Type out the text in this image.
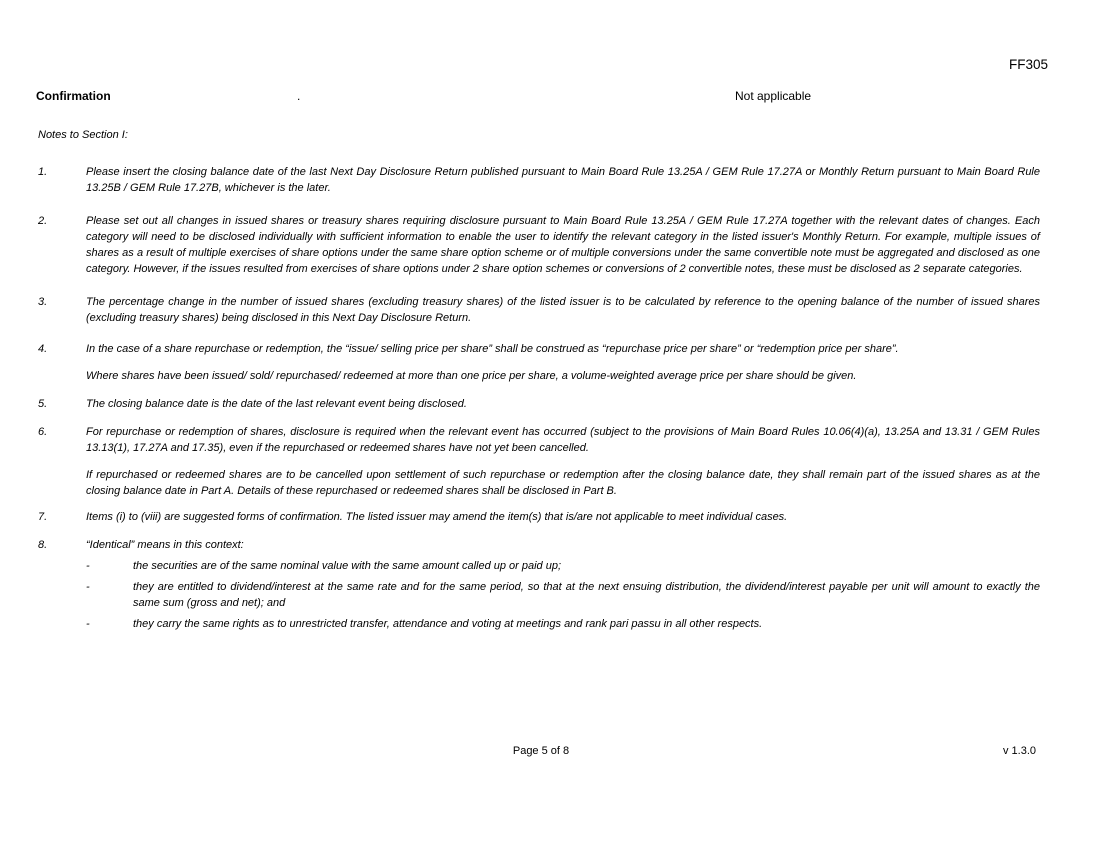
FF305
Confirmation	.	Not applicable

Notes to Section I:

1.	Please insert the closing balance date of the last Next Day Disclosure Return published pursuant to Main Board Rule 13.25A / GEM Rule 17.27A or Monthly Return pursuant to Main Board Rule 13.25B / GEM Rule 17.27B, whichever is the later.

2.	Please set out all changes in issued shares or treasury shares requiring disclosure pursuant to Main Board Rule 13.25A / GEM Rule 17.27A together with the relevant dates of changes. Each category will need to be disclosed individually with sufficient information to enable the user to identify the relevant category in the listed issuer's Monthly Return. For example, multiple issues of shares as a result of multiple exercises of share options under the same share option scheme or of multiple conversions under the same convertible note must be aggregated and disclosed as one category. However, if the issues resulted from exercises of share options under 2 share option schemes or conversions of 2 convertible notes, these must be disclosed as 2 separate categories.

3.	The percentage change in the number of issued shares (excluding treasury shares) of the listed issuer is to be calculated by reference to the opening balance of the number of issued shares (excluding treasury shares) being disclosed in this Next Day Disclosure Return.

4.	In the case of a share repurchase or redemption, the “issue/ selling price per share” shall be construed as “repurchase price per share” or “redemption price per share”.

Where shares have been issued/ sold/ repurchased/ redeemed at more than one price per share, a volume-weighted average price per share should be given.

5.	The closing balance date is the date of the last relevant event being disclosed.

6.	For repurchase or redemption of shares, disclosure is required when the relevant event has occurred (subject to the provisions of Main Board Rules 10.06(4)(a), 13.25A and 13.31 / GEM Rules 13.13(1), 17.27A and 17.35), even if the repurchased or redeemed shares have not yet been cancelled.

If repurchased or redeemed shares are to be cancelled upon settlement of such repurchase or redemption after the closing balance date, they shall remain part of the issued shares as at the closing balance date in Part A. Details of these repurchased or redeemed shares shall be disclosed in Part B.

7.	Items (i) to (viii) are suggested forms of confirmation. The listed issuer may amend the item(s) that is/are not applicable to meet individual cases.

8.	“Identical” means in this context:

-	the securities are of the same nominal value with the same amount called up or paid up;
-	they are entitled to dividend/interest at the same rate and for the same period, so that at the next ensuing distribution, the dividend/interest payable per unit will amount to exactly the same sum (gross and net); and
-	they carry the same rights as to unrestricted transfer, attendance and voting at meetings and rank pari passu in all other respects.
Page 5 of 8	v 1.3.0
